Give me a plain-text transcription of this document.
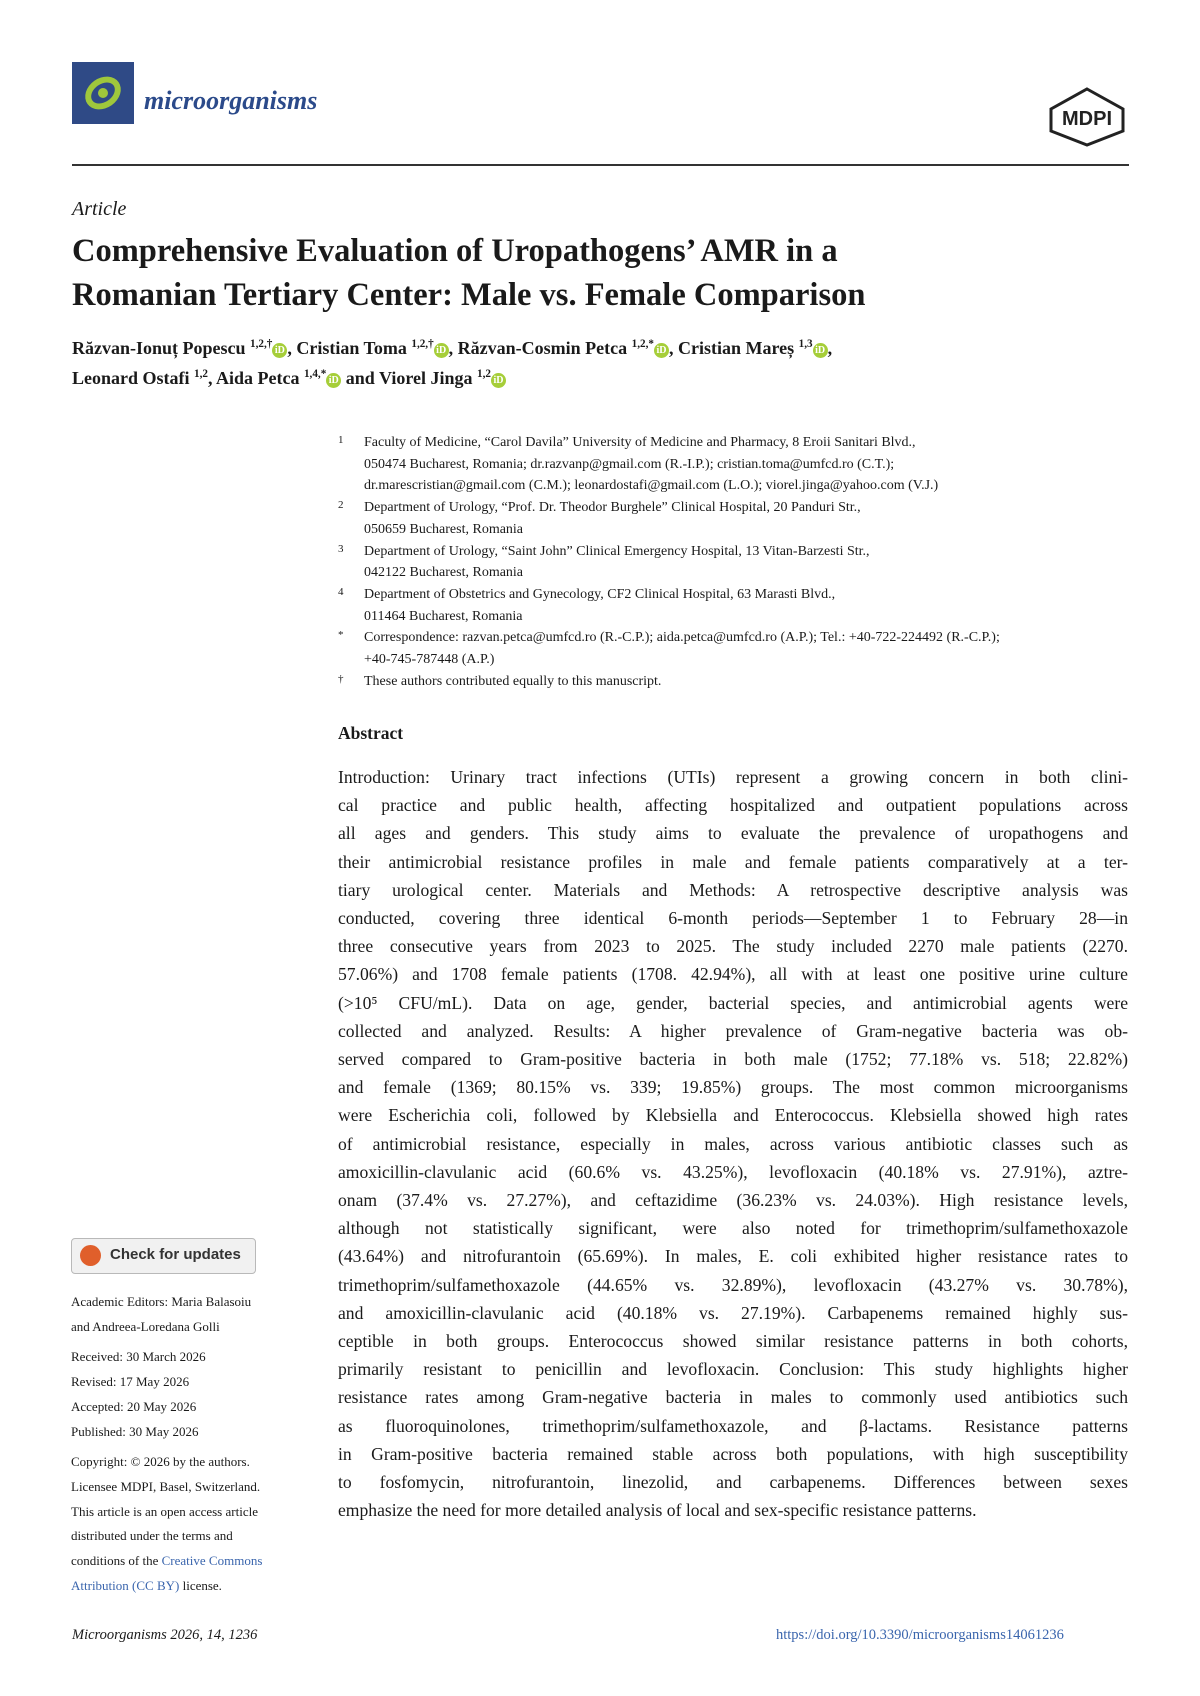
microorganisms
MDPI
Article
Comprehensive Evaluation of Uropathogens’ AMR in a
Romanian Tertiary Center: Male vs. Female Comparison
Răzvan-Ionuț Popescu $^{1,2,\dagger}$iD , Cristian Toma $^{1,2,\dagger}$iD , Răzvan-Cosmin Petca $^{1,2,*}$iD , Cristian Mareș $^{1,3}$iD ,
Leonard Ostafi $^{1,2}$, Aida Petca $^{1,4,*}$iD and Viorel Jinga $^{1,2}$iD
1 Faculty of Medicine, “Carol Davila” University of Medicine and Pharmacy, 8 Eroii Sanitari Blvd.,
050474 Bucharest, Romania; dr.razvanp@gmail.com (R.-I.P.); cristian.toma@umfcd.ro (C.T.);
dr.marescristian@gmail.com (C.M.); leonardostafi@gmail.com (L.O.); viorel.jinga@yahoo.com (V.J.)
2 Department of Urology, “Prof. Dr. Theodor Burghele” Clinical Hospital, 20 Panduri Str.,
050659 Bucharest, Romania
3 Department of Urology, “Saint John” Clinical Emergency Hospital, 13 Vitan-Barzesti Str.,
042122 Bucharest, Romania
4 Department of Obstetrics and Gynecology, CF2 Clinical Hospital, 63 Marasti Blvd.,
011464 Bucharest, Romania
* Correspondence: razvan.petca@umfcd.ro (R.-C.P.); aida.petca@umfcd.ro (A.P.); Tel.: +40-722-224492 (R.-C.P.);
+40-745-787448 (A.P.)
† These authors contributed equally to this manuscript.
Abstract
Introduction: Urinary tract infections (UTIs) represent a growing concern in both clini-
cal practice and public health, affecting hospitalized and outpatient populations across
all ages and genders. This study aims to evaluate the prevalence of uropathogens and
their antimicrobial resistance profiles in male and female patients comparatively at a ter-
tiary urological center. Materials and Methods: A retrospective descriptive analysis was
conducted, covering three identical 6-month periods—September 1 to February 28—in
three consecutive years from 2023 to 2025. The study included 2270 male patients (2270.
57.06%) and 1708 female patients (1708. 42.94%), all with at least one positive urine culture
(>10⁵ CFU/mL). Data on age, gender, bacterial species, and antimicrobial agents were
collected and analyzed. Results: A higher prevalence of Gram-negative bacteria was ob-
served compared to Gram-positive bacteria in both male (1752; 77.18% vs. 518; 22.82%)
and female (1369; 80.15% vs. 339; 19.85%) groups. The most common microorganisms
were Escherichia coli, followed by Klebsiella and Enterococcus. Klebsiella showed high rates
of antimicrobial resistance, especially in males, across various antibiotic classes such as
amoxicillin-clavulanic acid (60.6% vs. 43.25%), levofloxacin (40.18% vs. 27.91%), aztre-
onam (37.4% vs. 27.27%), and ceftazidime (36.23% vs. 24.03%). High resistance levels,
although not statistically significant, were also noted for trimethoprim/sulfamethoxazole
(43.64%) and nitrofurantoin (65.69%). In males, E. coli exhibited higher resistance rates to
trimethoprim/sulfamethoxazole (44.65% vs. 32.89%), levofloxacin (43.27% vs. 30.78%),
and amoxicillin-clavulanic acid (40.18% vs. 27.19%). Carbapenems remained highly sus-
ceptible in both groups. Enterococcus showed similar resistance patterns in both cohorts,
primarily resistant to penicillin and levofloxacin. Conclusion: This study highlights higher
resistance rates among Gram-negative bacteria in males to commonly used antibiotics such
as fluoroquinolones, trimethoprim/sulfamethoxazole, and β-lactams. Resistance patterns
in Gram-positive bacteria remained stable across both populations, with high susceptibility
to fosfomycin, nitrofurantoin, linezolid, and carbapenems. Differences between sexes
emphasize the need for more detailed analysis of local and sex-specific resistance patterns.
Check for updates
Academic Editors: Maria Balasoiu
and Andreea-Loredana Golli
Received: 30 March 2026
Revised: 17 May 2026
Accepted: 20 May 2026
Published: 30 May 2026
Copyright: © 2026 by the authors.
Licensee MDPI, Basel, Switzerland.
This article is an open access article
distributed under the terms and
conditions of the Creative Commons
Attribution (CC BY) license.
Microorganisms 2026, 14, 1236	https://doi.org/10.3390/microorganisms14061236
